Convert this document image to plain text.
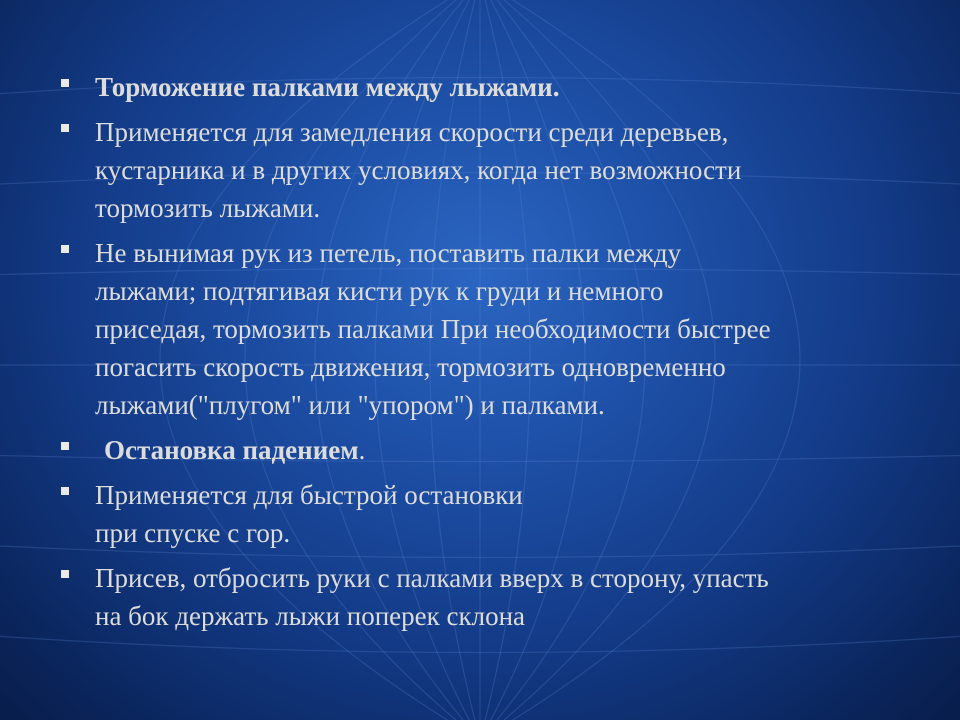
Торможение палками между лыжами.
Применяется для замедления скорости среди деревьев,
кустарника и в других условиях, когда нет возможности
тормозить лыжами.
Не вынимая рук из петель, поставить палки между
лыжами; подтягивая кисти рук к груди и немного
приседая, тормозить палками При необходимости быстрее
погасить скорость движения, тормозить одновременно
лыжами("плугом" или "упором") и палками.
Остановка падением.
Применяется для быстрой остановки
при спуске с гор.
Присев, отбросить руки с палками вверх в сторону, упасть
на бок держать лыжи поперек склона
